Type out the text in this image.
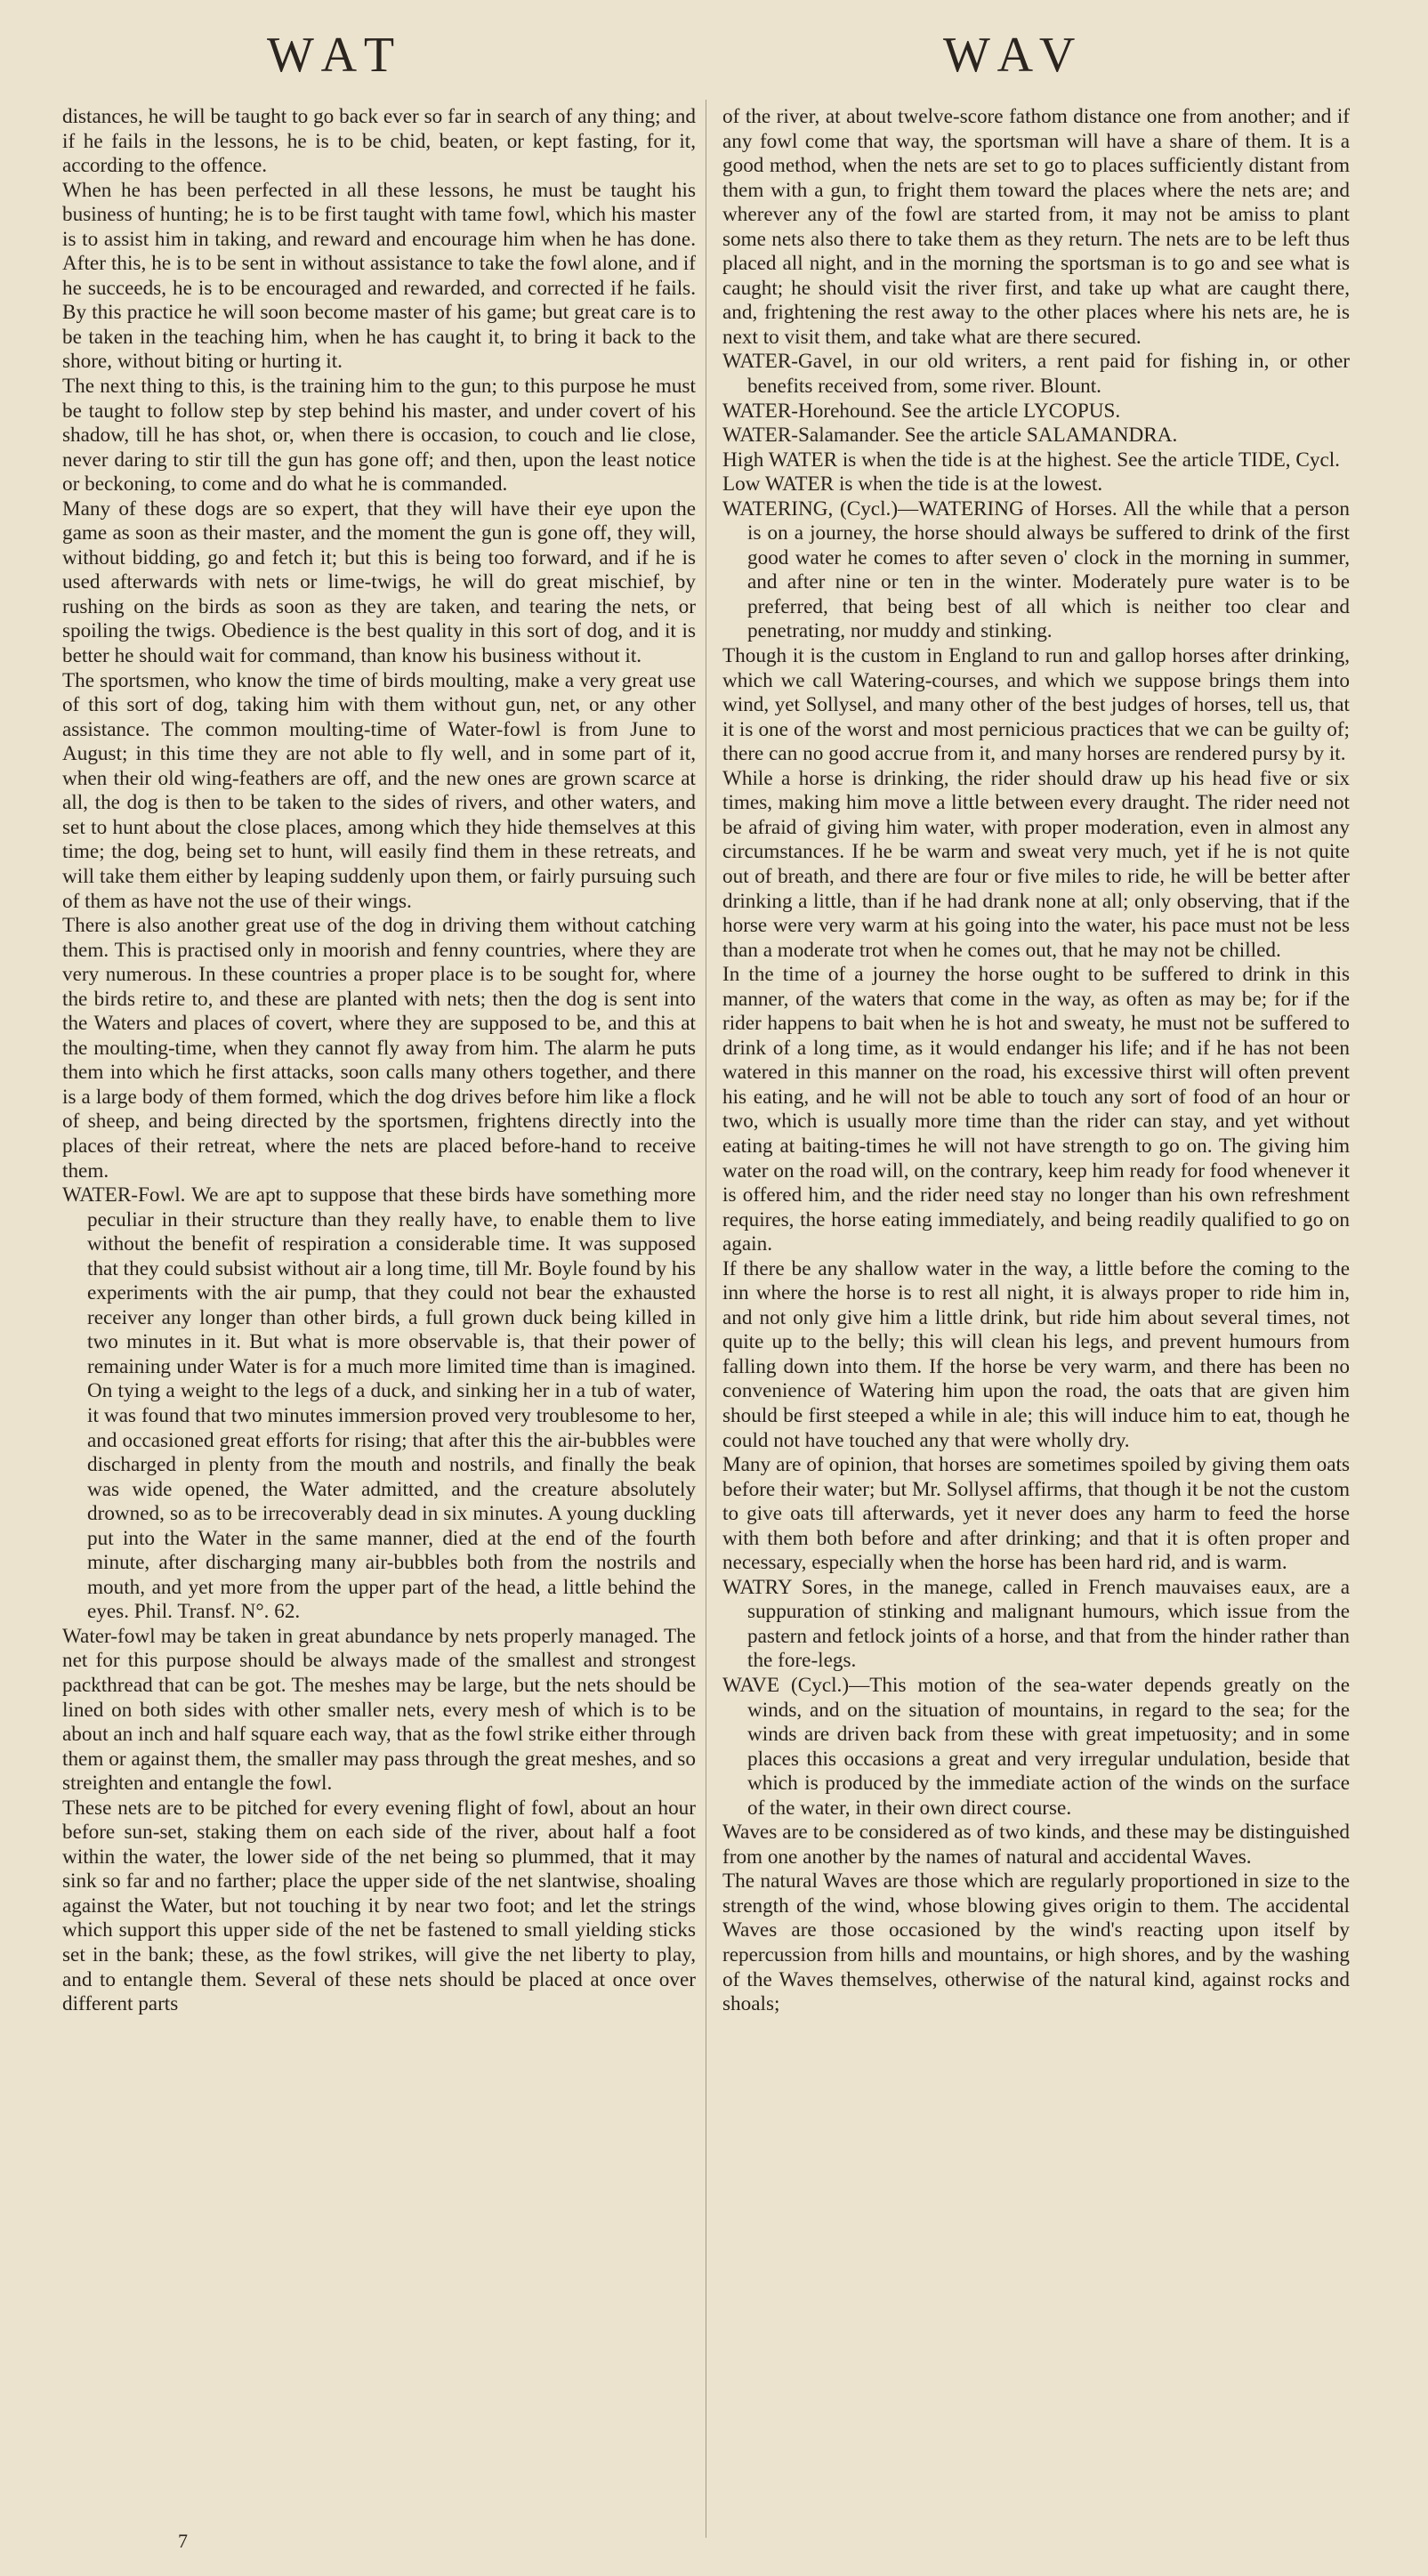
WAT	WAV

distances, he will be taught to go back ever so far in search of any thing; and if he fails in the lessons, he is to be chid, beaten, or kept fasting, for it, according to the offence.

When he has been perfected in all these lessons, he must be taught his business of hunting; he is to be first taught with tame fowl, which his master is to assist him in taking, and reward and encourage him when he has done. After this, he is to be sent in without assistance to take the fowl alone, and if he succeeds, he is to be encouraged and rewarded, and corrected if he fails. By this practice he will soon become master of his game; but great care is to be taken in the teaching him, when he has caught it, to bring it back to the shore, without biting or hurting it.

The next thing to this, is the training him to the gun; to this purpose he must be taught to follow step by step behind his master, and under covert of his shadow, till he has shot, or, when there is occasion, to couch and lie close, never daring to stir till the gun has gone off; and then, upon the least notice or beckoning, to come and do what he is commanded.

Many of these dogs are so expert, that they will have their eye upon the game as soon as their master, and the moment the gun is gone off, they will, without bidding, go and fetch it; but this is being too forward, and if he is used afterwards with nets or lime-twigs, he will do great mischief, by rushing on the birds as soon as they are taken, and tearing the nets, or spoiling the twigs. Obedience is the best quality in this sort of dog, and it is better he should wait for command, than know his business without it.

The sportsmen, who know the time of birds moulting, make a very great use of this sort of dog, taking him with them without gun, net, or any other assistance. The common moulting-time of Water-fowl is from June to August; in this time they are not able to fly well, and in some part of it, when their old wing-feathers are off, and the new ones are grown scarce at all, the dog is then to be taken to the sides of rivers, and other waters, and set to hunt about the close places, among which they hide themselves at this time; the dog, being set to hunt, will easily find them in these retreats, and will take them either by leaping suddenly upon them, or fairly pursuing such of them as have not the use of their wings.

There is also another great use of the dog in driving them without catching them. This is practised only in moorish and fenny countries, where they are very numerous. In these countries a proper place is to be sought for, where the birds retire to, and these are planted with nets; then the dog is sent into the Waters and places of covert, where they are supposed to be, and this at the moulting-time, when they cannot fly away from him. The alarm he puts them into which he first attacks, soon calls many others together, and there is a large body of them formed, which the dog drives before him like a flock of sheep, and being directed by the sportsmen, frightens directly into the places of their retreat, where the nets are placed before-hand to receive them.

WATER-Fowl. We are apt to suppose that these birds have something more peculiar in their structure than they really have, to enable them to live without the benefit of respiration a considerable time. It was supposed that they could subsist without air a long time, till Mr. Boyle found by his experiments with the air pump, that they could not bear the exhausted receiver any longer than other birds, a full grown duck being killed in two minutes in it. But what is more observable is, that their power of remaining under Water is for a much more limited time than is imagined. On tying a weight to the legs of a duck, and sinking her in a tub of water, it was found that two minutes immersion proved very troublesome to her, and occasioned great efforts for rising; that after this the air-bubbles were discharged in plenty from the mouth and nostrils, and finally the beak was wide opened, the Water admitted, and the creature absolutely drowned, so as to be irrecoverably dead in six minutes. A young duckling put into the Water in the same manner, died at the end of the fourth minute, after discharging many air-bubbles both from the nostrils and mouth, and yet more from the upper part of the head, a little behind the eyes. Phil. Transf. N°. 62.

Water-fowl may be taken in great abundance by nets properly managed. The net for this purpose should be always made of the smallest and strongest packthread that can be got. The meshes may be large, but the nets should be lined on both sides with other smaller nets, every mesh of which is to be about an inch and half square each way, that as the fowl strike either through them or against them, the smaller may pass through the great meshes, and so streighten and entangle the fowl.

These nets are to be pitched for every evening flight of fowl, about an hour before sun-set, staking them on each side of the river, about half a foot within the water, the lower side of the net being so plummed, that it may sink so far and no farther; place the upper side of the net slantwise, shoaling against the Water, but not touching it by near two foot; and let the strings which support this upper side of the net be fastened to small yielding sticks set in the bank; these, as the fowl strikes, will give the net liberty to play, and to entangle them. Several of these nets should be placed at once over different parts

of the river, at about twelve-score fathom distance one from another; and if any fowl come that way, the sportsman will have a share of them. It is a good method, when the nets are set to go to places sufficiently distant from them with a gun, to fright them toward the places where the nets are; and wherever any of the fowl are started from, it may not be amiss to plant some nets also there to take them as they return. The nets are to be left thus placed all night, and in the morning the sportsman is to go and see what is caught; he should visit the river first, and take up what are caught there, and, frightening the rest away to the other places where his nets are, he is next to visit them, and take what are there secured.

WATER-Gavel, in our old writers, a rent paid for fishing in, or other benefits received from, some river. Blount.

WATER-Horehound. See the article LYCOPUS.

WATER-Salamander. See the article SALAMANDRA.

High WATER is when the tide is at the highest. See the article TIDE, Cycl.

Low WATER is when the tide is at the lowest.

WATERING, (Cycl.)—WATERING of Horses. All the while that a person is on a journey, the horse should always be suffered to drink of the first good water he comes to after seven o' clock in the morning in summer, and after nine or ten in the winter. Moderately pure water is to be preferred, that being best of all which is neither too clear and penetrating, nor muddy and stinking.

Though it is the custom in England to run and gallop horses after drinking, which we call Watering-courses, and which we suppose brings them into wind, yet Sollysel, and many other of the best judges of horses, tell us, that it is one of the worst and most pernicious practices that we can be guilty of; there can no good accrue from it, and many horses are rendered pursy by it.

While a horse is drinking, the rider should draw up his head five or six times, making him move a little between every draught. The rider need not be afraid of giving him water, with proper moderation, even in almost any circumstances. If he be warm and sweat very much, yet if he is not quite out of breath, and there are four or five miles to ride, he will be better after drinking a little, than if he had drank none at all; only observing, that if the horse were very warm at his going into the water, his pace must not be less than a moderate trot when he comes out, that he may not be chilled.

In the time of a journey the horse ought to be suffered to drink in this manner, of the waters that come in the way, as often as may be; for if the rider happens to bait when he is hot and sweaty, he must not be suffered to drink of a long time, as it would endanger his life; and if he has not been watered in this manner on the road, his excessive thirst will often prevent his eating, and he will not be able to touch any sort of food of an hour or two, which is usually more time than the rider can stay, and yet without eating at baiting-times he will not have strength to go on. The giving him water on the road will, on the contrary, keep him ready for food whenever it is offered him, and the rider need stay no longer than his own refreshment requires, the horse eating immediately, and being readily qualified to go on again.

If there be any shallow water in the way, a little before the coming to the inn where the horse is to rest all night, it is always proper to ride him in, and not only give him a little drink, but ride him about several times, not quite up to the belly; this will clean his legs, and prevent humours from falling down into them. If the horse be very warm, and there has been no convenience of Watering him upon the road, the oats that are given him should be first steeped a while in ale; this will induce him to eat, though he could not have touched any that were wholly dry.

Many are of opinion, that horses are sometimes spoiled by giving them oats before their water; but Mr. Sollysel affirms, that though it be not the custom to give oats till afterwards, yet it never does any harm to feed the horse with them both before and after drinking; and that it is often proper and necessary, especially when the horse has been hard rid, and is warm.

WATRY Sores, in the manege, called in French mauvaises eaux, are a suppuration of stinking and malignant humours, which issue from the pastern and fetlock joints of a horse, and that from the hinder rather than the fore-legs.

WAVE (Cycl.)—This motion of the sea-water depends greatly on the winds, and on the situation of mountains, in regard to the sea; for the winds are driven back from these with great impetuosity; and in some places this occasions a great and very irregular undulation, beside that which is produced by the immediate action of the winds on the surface of the water, in their own direct course.

Waves are to be considered as of two kinds, and these may be distinguished from one another by the names of natural and accidental Waves.

The natural Waves are those which are regularly proportioned in size to the strength of the wind, whose blowing gives origin to them. The accidental Waves are those occasioned by the wind's reacting upon itself by repercussion from hills and mountains, or high shores, and by the washing of the Waves themselves, otherwise of the natural kind, against rocks and shoals;

7
